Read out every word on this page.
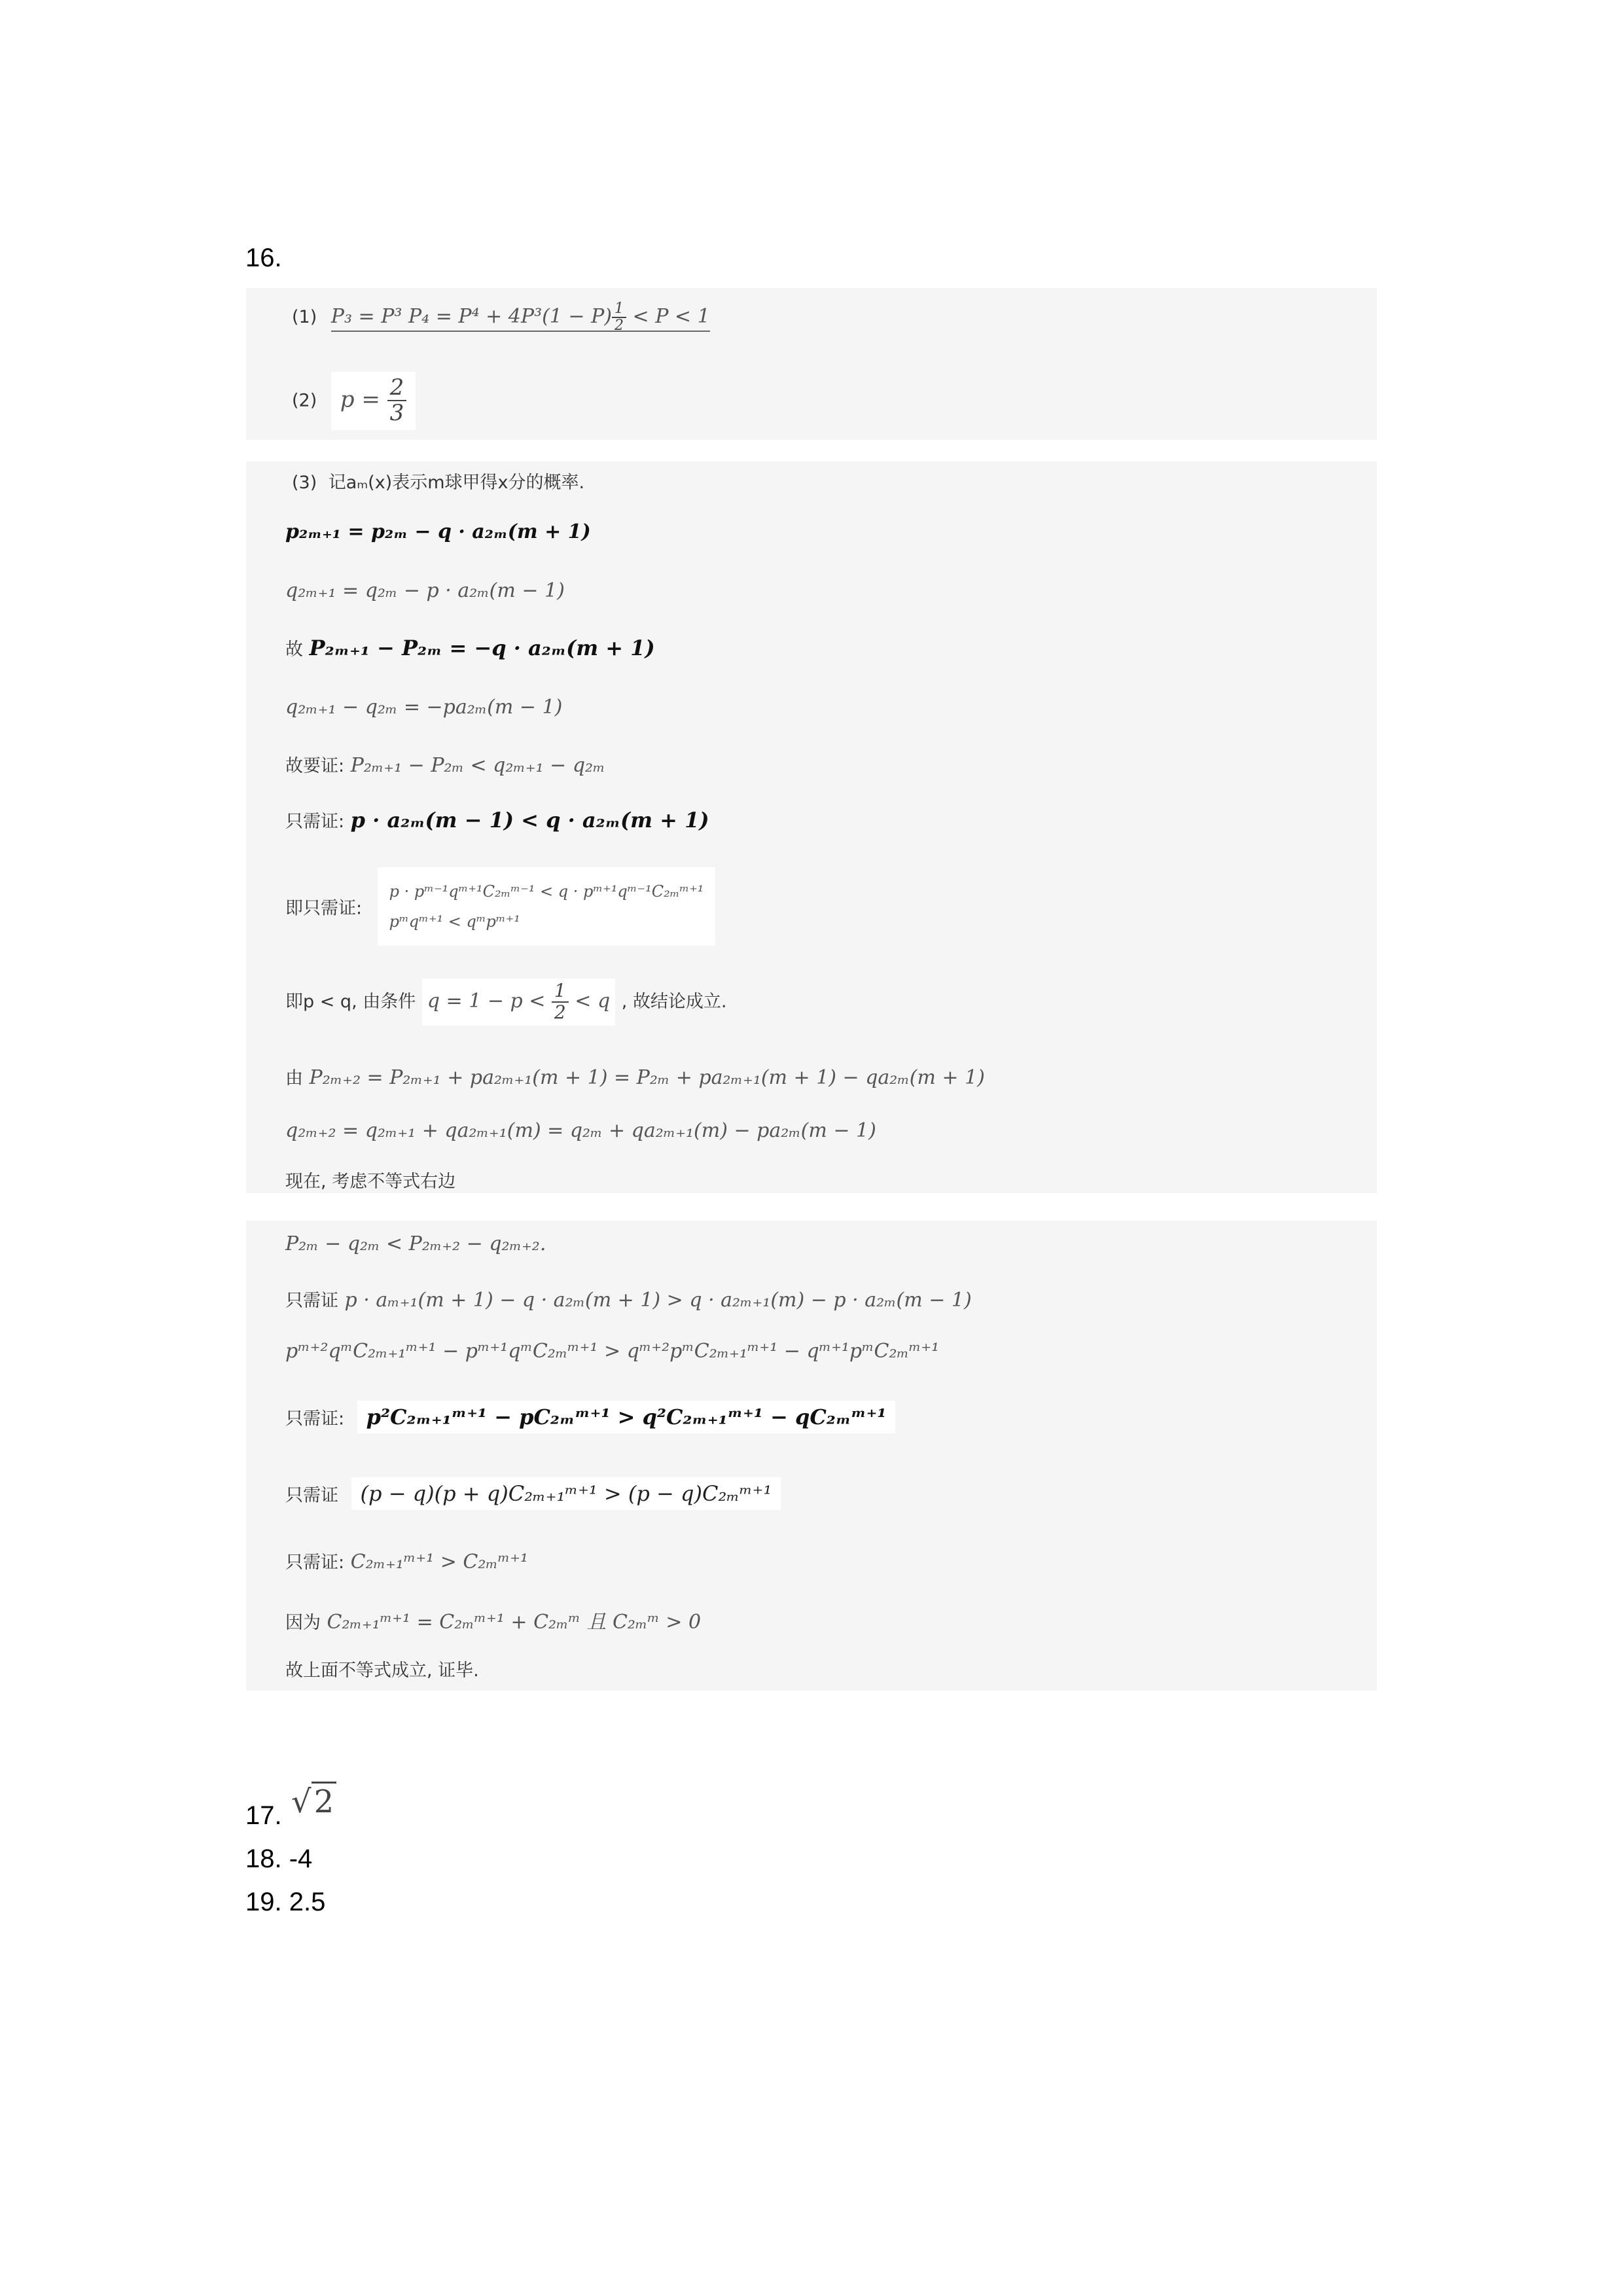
16.
(1) P₃ = P³ $P_4 = P^4 + 4P^3(1 - P) \frac{1}{2} < P < 1$
(2) $p = \frac{2}{3}$
(3) 记aₘ(x)表示m球甲得x分的概率.
p₂ₘ₊₁ = p₂ₘ − q · a₂ₘ(m + 1)
q₂ₘ₊₁ = q₂ₘ − p · a₂ₘ(m − 1)
故 P₂ₘ₊₁ − P₂ₘ = −q · a₂ₘ(m + 1)
q₂ₘ₊₁ − q₂ₘ = −pa₂ₘ(m − 1)
故要证: P₂ₘ₊₁ − P₂ₘ < q₂ₘ₊₁ − q₂ₘ
只需证: p · a₂ₘ(m − 1) < q · a₂ₘ(m + 1)
即只需证:
p · pᵐ⁻¹qᵐ⁺¹C₂ₘᵐ⁻¹ < q · pᵐ⁺¹qᵐ⁻¹C₂ₘᵐ⁺¹
pᵐqᵐ⁺¹ < qᵐpᵐ⁺¹
即p < q, 由条件 $q = 1 - p < \frac{1}{2} < q$ , 故结论成立.
由 P₂ₘ₊₂ = P₂ₘ₊₁ + pa₂ₘ₊₁(m + 1) = P₂ₘ + pa₂ₘ₊₁(m + 1) − qa₂ₘ(m + 1)
q₂ₘ₊₂ = q₂ₘ₊₁ + qa₂ₘ₊₁(m) = q₂ₘ + qa₂ₘ₊₁(m) − pa₂ₘ(m − 1)
现在, 考虑不等式右边
P₂ₘ − q₂ₘ < P₂ₘ₊₂ − q₂ₘ₊₂.
只需证 p · aₘ₊₁(m + 1) − q · a₂ₘ(m + 1) > q · a₂ₘ₊₁(m) − p · a₂ₘ(m − 1)
pᵐ⁺²qᵐC₂ₘ₊₁ᵐ⁺¹ − pᵐ⁺¹qᵐC₂ₘᵐ⁺¹ > qᵐ⁺²pᵐC₂ₘ₊₁ᵐ⁺¹ − qᵐ⁺¹pᵐC₂ₘᵐ⁺¹
只需证: p²C₂ₘ₊₁ᵐ⁺¹ − pC₂ₘᵐ⁺¹ > q²C₂ₘ₊₁ᵐ⁺¹ − qC₂ₘᵐ⁺¹
只需证 (p − q)(p + q)C₂ₘ₊₁ᵐ⁺¹ > (p − q)C₂ₘᵐ⁺¹
只需证: C₂ₘ₊₁ᵐ⁺¹ > C₂ₘᵐ⁺¹
因为 C₂ₘ₊₁ᵐ⁺¹ = C₂ₘᵐ⁺¹ + C₂ₘᵐ 且 C₂ₘᵐ > 0
故上面不等式成立, 证毕.
17. √2
18. -4
19. 2.5
